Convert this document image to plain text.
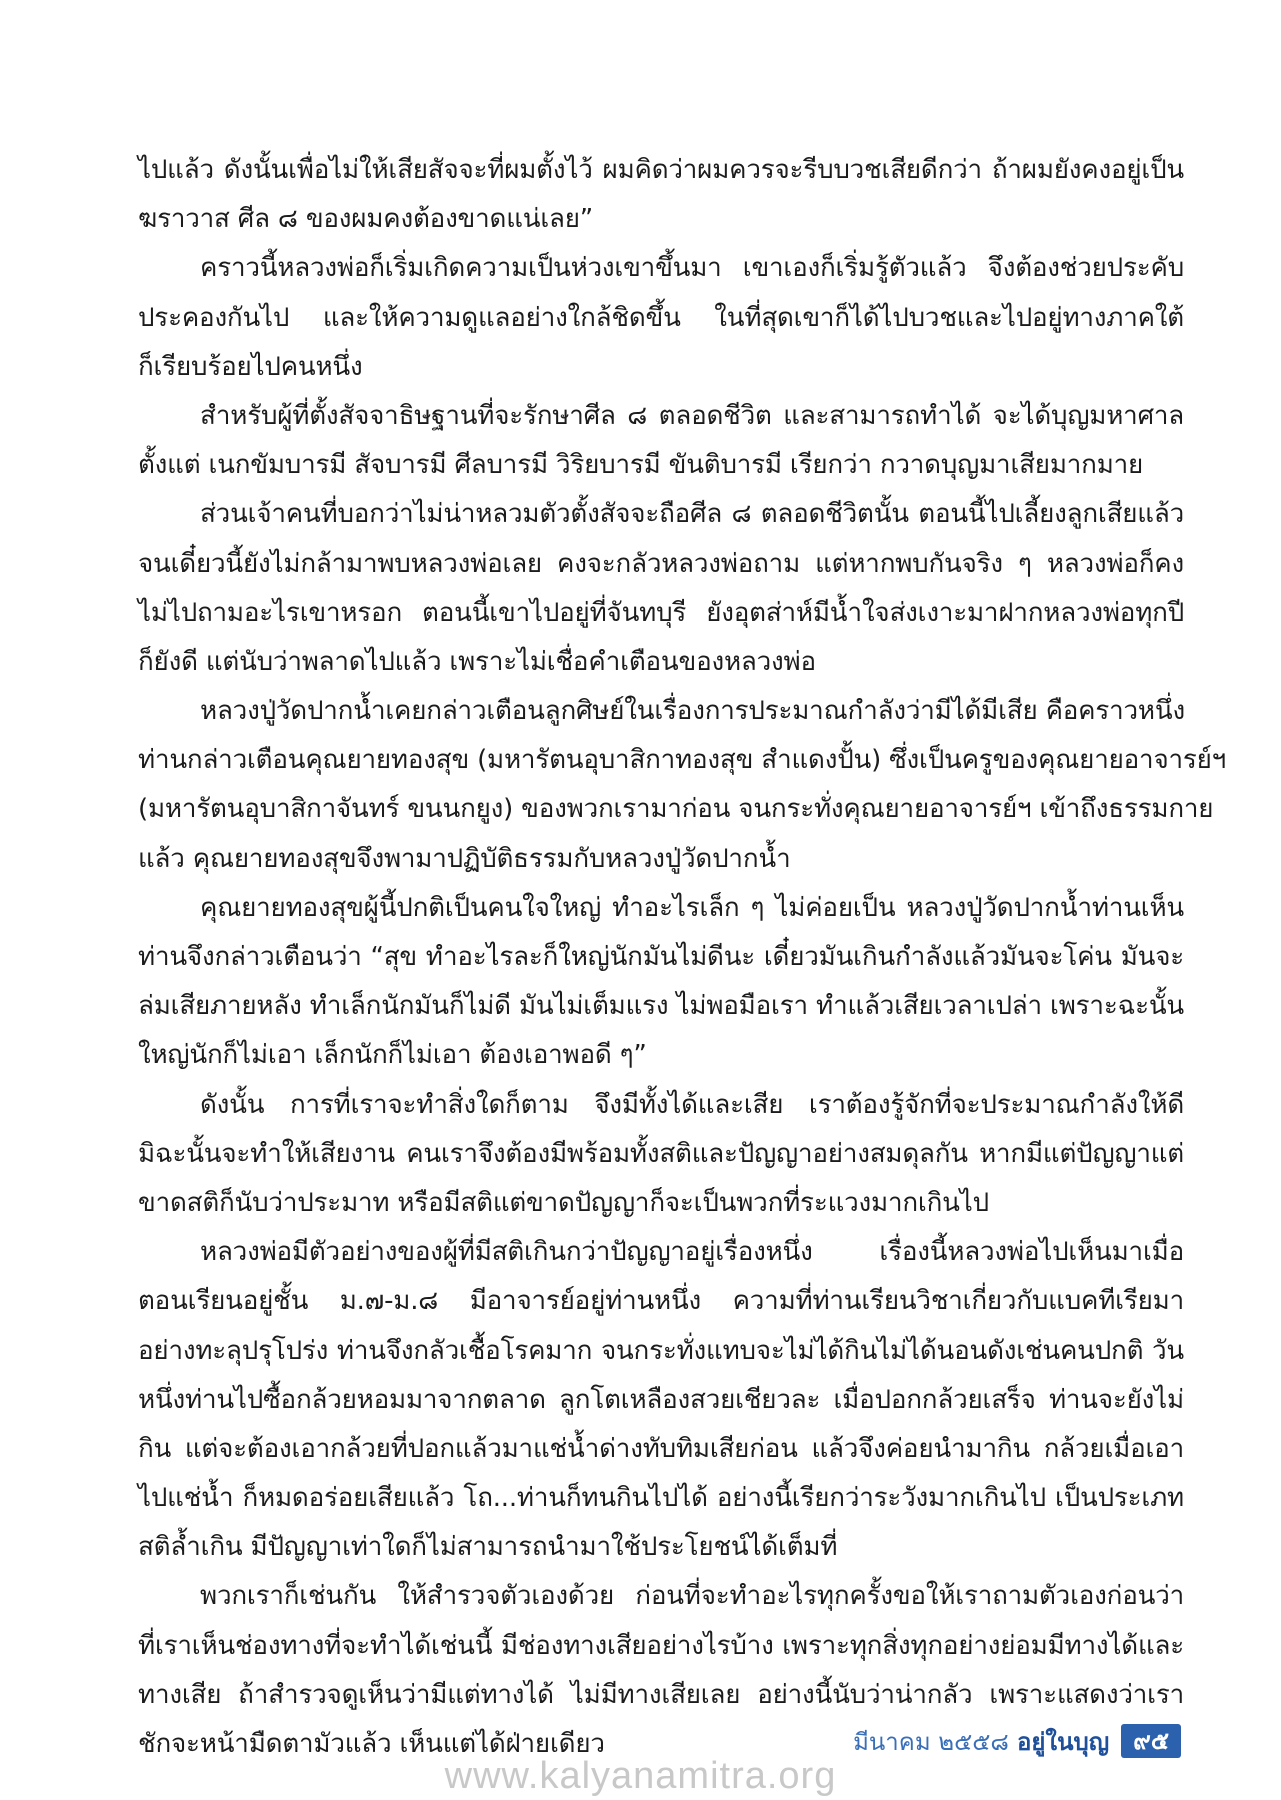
ไปแล้ว ดังนั้นเพื่อไม่ให้เสียสัจจะที่ผมตั้งไว้ ผมคิดว่าผมควรจะรีบบวชเสียดีกว่า ถ้าผมยังคงอยู่เป็น
ฆราวาส ศีล ๘ ของผมคงต้องขาดแน่เลย”
คราวนี้หลวงพ่อก็เริ่มเกิดความเป็นห่วงเขาขึ้นมา เขาเองก็เริ่มรู้ตัวแล้ว จึงต้องช่วยประคับ
ประคองกันไป และให้ความดูแลอย่างใกล้ชิดขึ้น ในที่สุดเขาก็ได้ไปบวชและไปอยู่ทางภาคใต้
ก็เรียบร้อยไปคนหนึ่ง
สำหรับผู้ที่ตั้งสัจจาธิษฐานที่จะรักษาศีล ๘ ตลอดชีวิต และสามารถทำได้ จะได้บุญมหาศาล
ตั้งแต่ เนกขัมบารมี สัจบารมี ศีลบารมี วิริยบารมี ขันติบารมี เรียกว่า กวาดบุญมาเสียมากมาย
ส่วนเจ้าคนที่บอกว่าไม่น่าหลวมตัวตั้งสัจจะถือศีล ๘ ตลอดชีวิตนั้น ตอนนี้ไปเลี้ยงลูกเสียแล้ว
จนเดี๋ยวนี้ยังไม่กล้ามาพบหลวงพ่อเลย คงจะกลัวหลวงพ่อถาม แต่หากพบกันจริง ๆ หลวงพ่อก็คง
ไม่ไปถามอะไรเขาหรอก ตอนนี้เขาไปอยู่ที่จันทบุรี ยังอุตส่าห์มีน้ำใจส่งเงาะมาฝากหลวงพ่อทุกปี
ก็ยังดี แต่นับว่าพลาดไปแล้ว เพราะไม่เชื่อคำเตือนของหลวงพ่อ
หลวงปู่วัดปากน้ำเคยกล่าวเตือนลูกศิษย์ในเรื่องการประมาณกำลังว่ามีได้มีเสีย คือคราวหนึ่ง
ท่านกล่าวเตือนคุณยายทองสุข (มหารัตนอุบาสิกาทองสุข สำแดงปั้น) ซึ่งเป็นครูของคุณยายอาจารย์ฯ
(มหารัตนอุบาสิกาจันทร์ ขนนกยูง) ของพวกเรามาก่อน จนกระทั่งคุณยายอาจารย์ฯ เข้าถึงธรรมกาย
แล้ว คุณยายทองสุขจึงพามาปฏิบัติธรรมกับหลวงปู่วัดปากน้ำ
คุณยายทองสุขผู้นี้ปกติเป็นคนใจใหญ่ ทำอะไรเล็ก ๆ ไม่ค่อยเป็น หลวงปู่วัดปากน้ำท่านเห็น
ท่านจึงกล่าวเตือนว่า “สุข ทำอะไรละก็ใหญ่นักมันไม่ดีนะ เดี๋ยวมันเกินกำลังแล้วมันจะโค่น มันจะ
ล่มเสียภายหลัง ทำเล็กนักมันก็ไม่ดี มันไม่เต็มแรง ไม่พอมือเรา ทำแล้วเสียเวลาเปล่า เพราะฉะนั้น
ใหญ่นักก็ไม่เอา เล็กนักก็ไม่เอา ต้องเอาพอดี ๆ”
ดังนั้น การที่เราจะทำสิ่งใดก็ตาม จึงมีทั้งได้และเสีย เราต้องรู้จักที่จะประมาณกำลังให้ดี
มิฉะนั้นจะทำให้เสียงาน คนเราจึงต้องมีพร้อมทั้งสติและปัญญาอย่างสมดุลกัน หากมีแต่ปัญญาแต่
ขาดสติก็นับว่าประมาท หรือมีสติแต่ขาดปัญญาก็จะเป็นพวกที่ระแวงมากเกินไป
หลวงพ่อมีตัวอย่างของผู้ที่มีสติเกินกว่าปัญญาอยู่เรื่องหนึ่ง เรื่องนี้หลวงพ่อไปเห็นมาเมื่อ
ตอนเรียนอยู่ชั้น ม.๗-ม.๘ มีอาจารย์อยู่ท่านหนึ่ง ความที่ท่านเรียนวิชาเกี่ยวกับแบคทีเรียมา
อย่างทะลุปรุโปร่ง ท่านจึงกลัวเชื้อโรคมาก จนกระทั่งแทบจะไม่ได้กินไม่ได้นอนดังเช่นคนปกติ วัน
หนึ่งท่านไปซื้อกล้วยหอมมาจากตลาด ลูกโตเหลืองสวยเชียวละ เมื่อปอกกล้วยเสร็จ ท่านจะยังไม่
กิน แต่จะต้องเอากล้วยที่ปอกแล้วมาแช่น้ำด่างทับทิมเสียก่อน แล้วจึงค่อยนำมากิน กล้วยเมื่อเอา
ไปแช่น้ำ ก็หมดอร่อยเสียแล้ว โถ...ท่านก็ทนกินไปได้ อย่างนี้เรียกว่าระวังมากเกินไป เป็นประเภท
สติล้ำเกิน มีปัญญาเท่าใดก็ไม่สามารถนำมาใช้ประโยชน์ได้เต็มที่
พวกเราก็เช่นกัน ให้สำรวจตัวเองด้วย ก่อนที่จะทำอะไรทุกครั้งขอให้เราถามตัวเองก่อนว่า
ที่เราเห็นช่องทางที่จะทำได้เช่นนี้ มีช่องทางเสียอย่างไรบ้าง เพราะทุกสิ่งทุกอย่างย่อมมีทางได้และ
ทางเสีย ถ้าสำรวจดูเห็นว่ามีแต่ทางได้ ไม่มีทางเสียเลย อย่างนี้นับว่าน่ากลัว เพราะแสดงว่าเรา
ชักจะหน้ามืดตามัวแล้ว เห็นแต่ได้ฝ่ายเดียว	มีนาคม ๒๕๕๘ อยู่ในบุญ	๙๕
www.kalyanamitra.org
